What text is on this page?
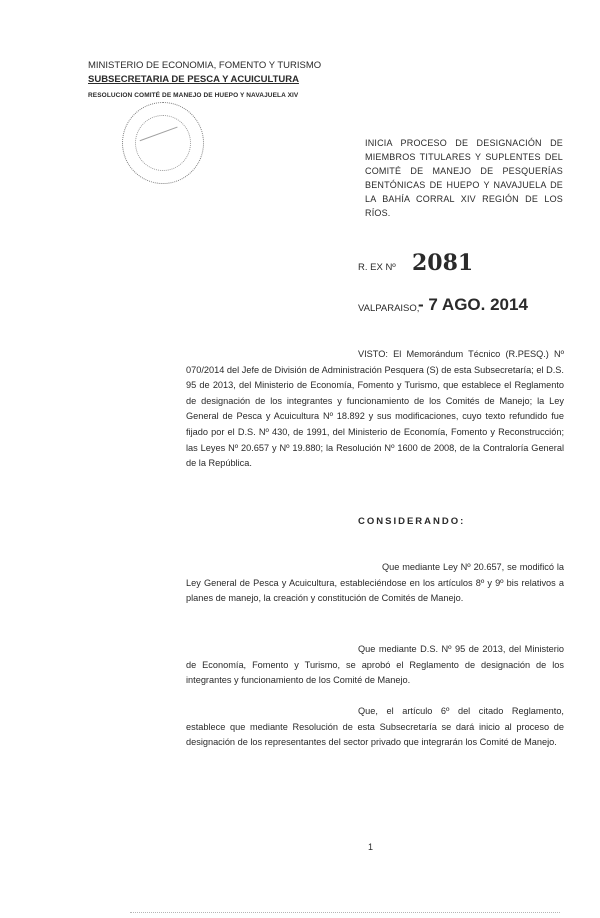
MINISTERIO DE ECONOMIA, FOMENTO Y TURISMO
SUBSECRETARIA DE PESCA Y ACUICULTURA
RESOLUCION COMITÉ DE MANEJO DE HUEPO Y NAVAJUELA XIV
INICIA PROCESO DE DESIGNACIÓN DE MIEMBROS TITULARES Y SUPLENTES DEL COMITÉ DE MANEJO DE PESQUERÍAS BENTÓNICAS DE HUEPO Y NAVAJUELA DE LA BAHÍA CORRAL XIV REGIÓN DE LOS RÍOS.
R. EX Nº 2081
VALPARAISO,
- 7 AGO. 2014
VISTO: El Memorándum Técnico (R.PESQ.) Nº 070/2014 del Jefe de División de Administración Pesquera (S) de esta Subsecretaría; el D.S. 95 de 2013, del Ministerio de Economía, Fomento y Turismo, que establece el Reglamento de designación de los integrantes y funcionamiento de los Comités de Manejo; la Ley General de Pesca y Acuicultura Nº 18.892 y sus modificaciones, cuyo texto refundido fue fijado por el D.S. Nº 430, de 1991, del Ministerio de Economía, Fomento y Reconstrucción; las Leyes Nº 20.657 y Nº 19.880; la Resolución Nº 1600 de 2008, de la Contraloría General de la República.
CONSIDERANDO:
Que mediante Ley Nº 20.657, se modificó la Ley General de Pesca y Acuicultura, estableciéndose en los artículos 8º y 9º bis relativos a planes de manejo, la creación y constitución de Comités de Manejo.
Que mediante D.S. Nº 95 de 2013, del Ministerio de Economía, Fomento y Turismo, se aprobó el Reglamento de designación de los integrantes y funcionamiento de los Comité de Manejo.
Que, el artículo 6º del citado Reglamento, establece que mediante Resolución de esta Subsecretaría se dará inicio al proceso de designación de los representantes del sector privado que integrarán los Comité de Manejo.
1
